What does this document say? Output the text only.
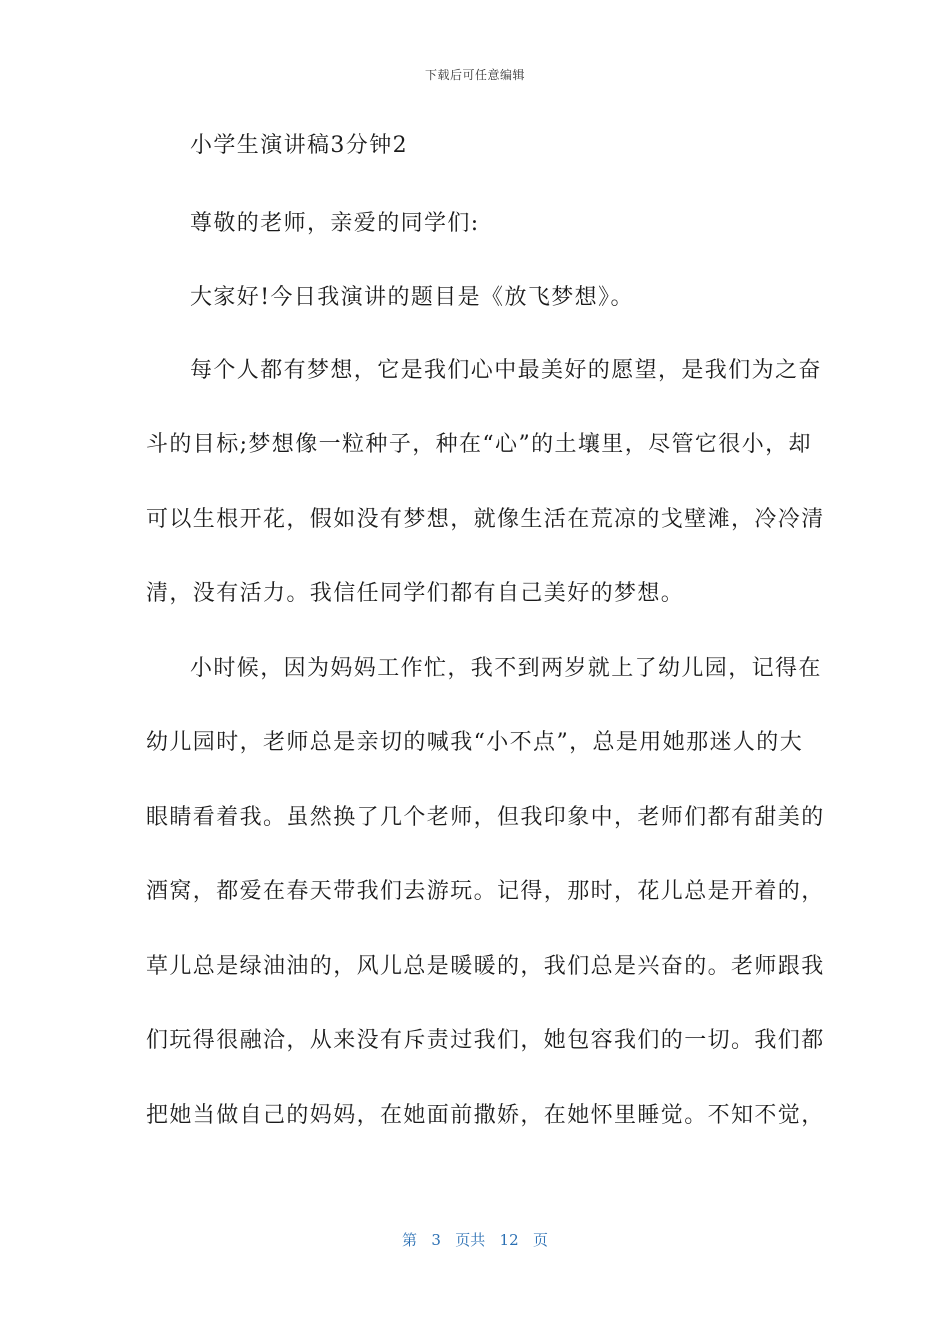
下载后可任意编辑
小学生演讲稿3分钟2
尊敬的老师，亲爱的同学们:
大家好!今日我演讲的题目是《放飞梦想》。
每个人都有梦想，它是我们心中最美好的愿望，是我们为之奋
斗的目标;梦想像一粒种子，种在“心”的土壤里，尽管它很小，却
可以生根开花，假如没有梦想，就像生活在荒凉的戈壁滩，冷冷清
清，没有活力。我信任同学们都有自己美好的梦想。
小时候，因为妈妈工作忙，我不到两岁就上了幼儿园，记得在
幼儿园时，老师总是亲切的喊我“小不点”，总是用她那迷人的大
眼睛看着我。虽然换了几个老师，但我印象中，老师们都有甜美的
酒窝，都爱在春天带我们去游玩。记得，那时，花儿总是开着的，
草儿总是绿油油的，风儿总是暖暖的，我们总是兴奋的。老师跟我
们玩得很融洽，从来没有斥责过我们，她包容我们的一切。我们都
把她当做自己的妈妈，在她面前撒娇，在她怀里睡觉。不知不觉，
第 3 页共 12 页
